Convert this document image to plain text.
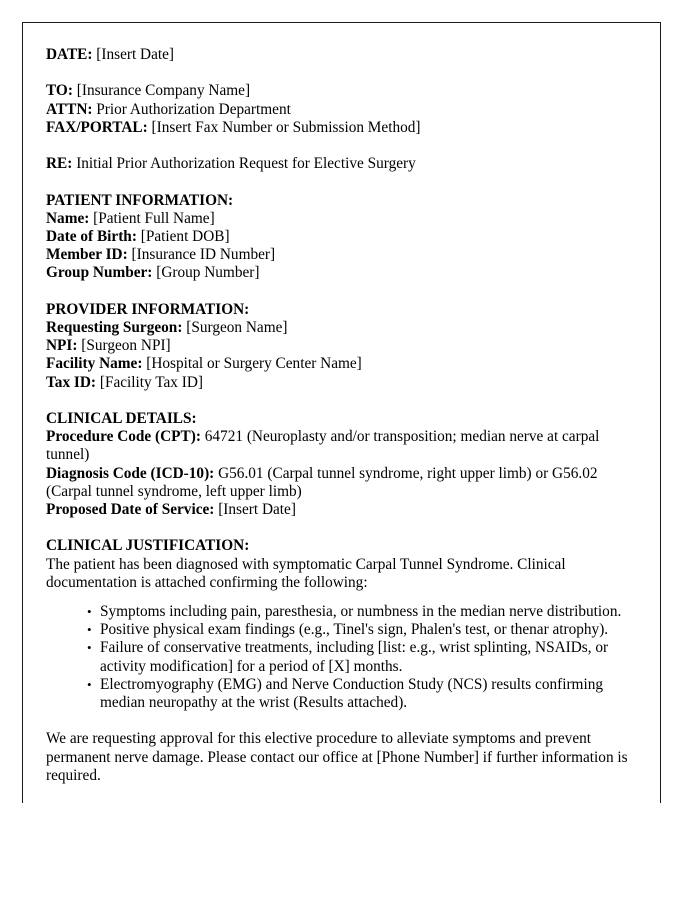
DATE: [Insert Date]
TO: [Insurance Company Name]
ATTN: Prior Authorization Department
FAX/PORTAL: [Insert Fax Number or Submission Method]
RE: Initial Prior Authorization Request for Elective Surgery
PATIENT INFORMATION:
Name: [Patient Full Name]
Date of Birth: [Patient DOB]
Member ID: [Insurance ID Number]
Group Number: [Group Number]
PROVIDER INFORMATION:
Requesting Surgeon: [Surgeon Name]
NPI: [Surgeon NPI]
Facility Name: [Hospital or Surgery Center Name]
Tax ID: [Facility Tax ID]
CLINICAL DETAILS:
Procedure Code (CPT): 64721 (Neuroplasty and/or transposition; median nerve at carpal tunnel)
Diagnosis Code (ICD-10): G56.01 (Carpal tunnel syndrome, right upper limb) or G56.02 (Carpal tunnel syndrome, left upper limb)
Proposed Date of Service: [Insert Date]
CLINICAL JUSTIFICATION:
The patient has been diagnosed with symptomatic Carpal Tunnel Syndrome. Clinical documentation is attached confirming the following:
• Symptoms including pain, paresthesia, or numbness in the median nerve distribution.
• Positive physical exam findings (e.g., Tinel's sign, Phalen's test, or thenar atrophy).
• Failure of conservative treatments, including [list: e.g., wrist splinting, NSAIDs, or activity modification] for a period of [X] months.
• Electromyography (EMG) and Nerve Conduction Study (NCS) results confirming median neuropathy at the wrist (Results attached).
We are requesting approval for this elective procedure to alleviate symptoms and prevent permanent nerve damage. Please contact our office at [Phone Number] if further information is required.
